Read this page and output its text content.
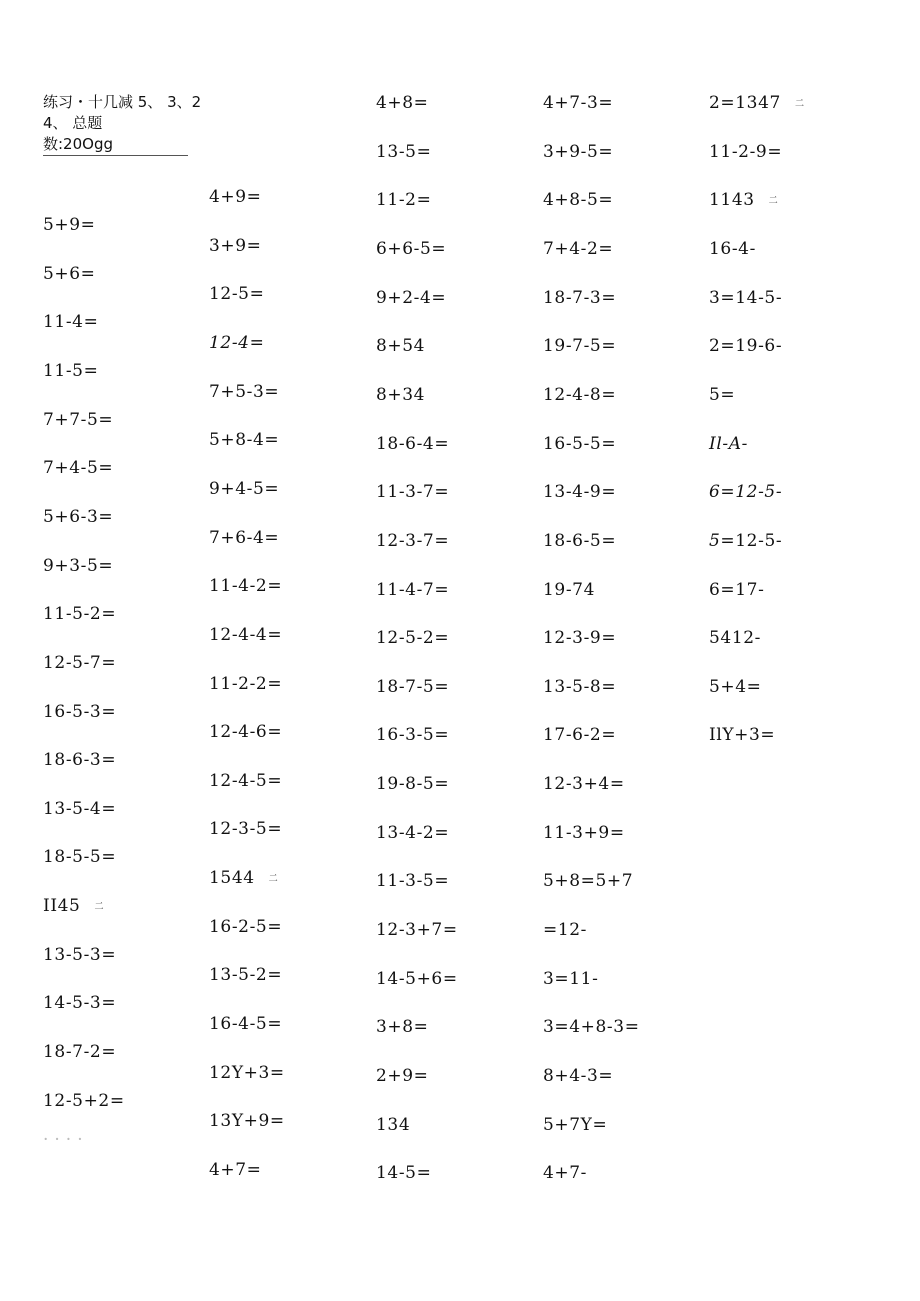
练习・十几减 5、 3、2
4、 总题
数:20Ogg
5+9=
5+6=
11-4=
11-5=
7+7-5=
7+4-5=
5+6-3=
9+3-5=
11-5-2=
12-5-7=
16-5-3=
18-6-3=
13-5-4=
18-5-5=
II45 二
13-5-3=
14-5-3=
18-7-2=
12-5+2=
4+9=
3+9=
12-5=
12-4=
7+5-3=
5+8-4=
9+4-5=
7+6-4=
11-4-2=
12-4-4=
11-2-2=
12-4-6=
12-4-5=
12-3-5=
1544 二
16-2-5=
13-5-2=
16-4-5=
12Y+3=
13Y+9=
4+7=
4+8=
13-5=
11-2=
6+6-5=
9+2-4=
8+54
8+34
18-6-4=
11-3-7=
12-3-7=
11-4-7=
12-5-2=
18-7-5=
16-3-5=
19-8-5=
13-4-2=
11-3-5=
12-3+7=
14-5+6=
3+8=
2+9=
134
14-5=
4+7-3=
3+9-5=
4+8-5=
7+4-2=
18-7-3=
19-7-5=
12-4-8=
16-5-5=
13-4-9=
18-6-5=
19-74
12-3-9=
13-5-8=
17-6-2=
12-3+4=
11-3+9=
5+8=5+7
=12-
3=11-
3=4+8-3=
8+4-3=
5+7Y=
4+7-
2=1347 二
11-2-9=
1143 二
16-4-
3=14-5-
2=19-6-
5=
Il-A-
6=12-5-
5=12-5-
6=17-
5412-
5+4=
IlY+3=
····
